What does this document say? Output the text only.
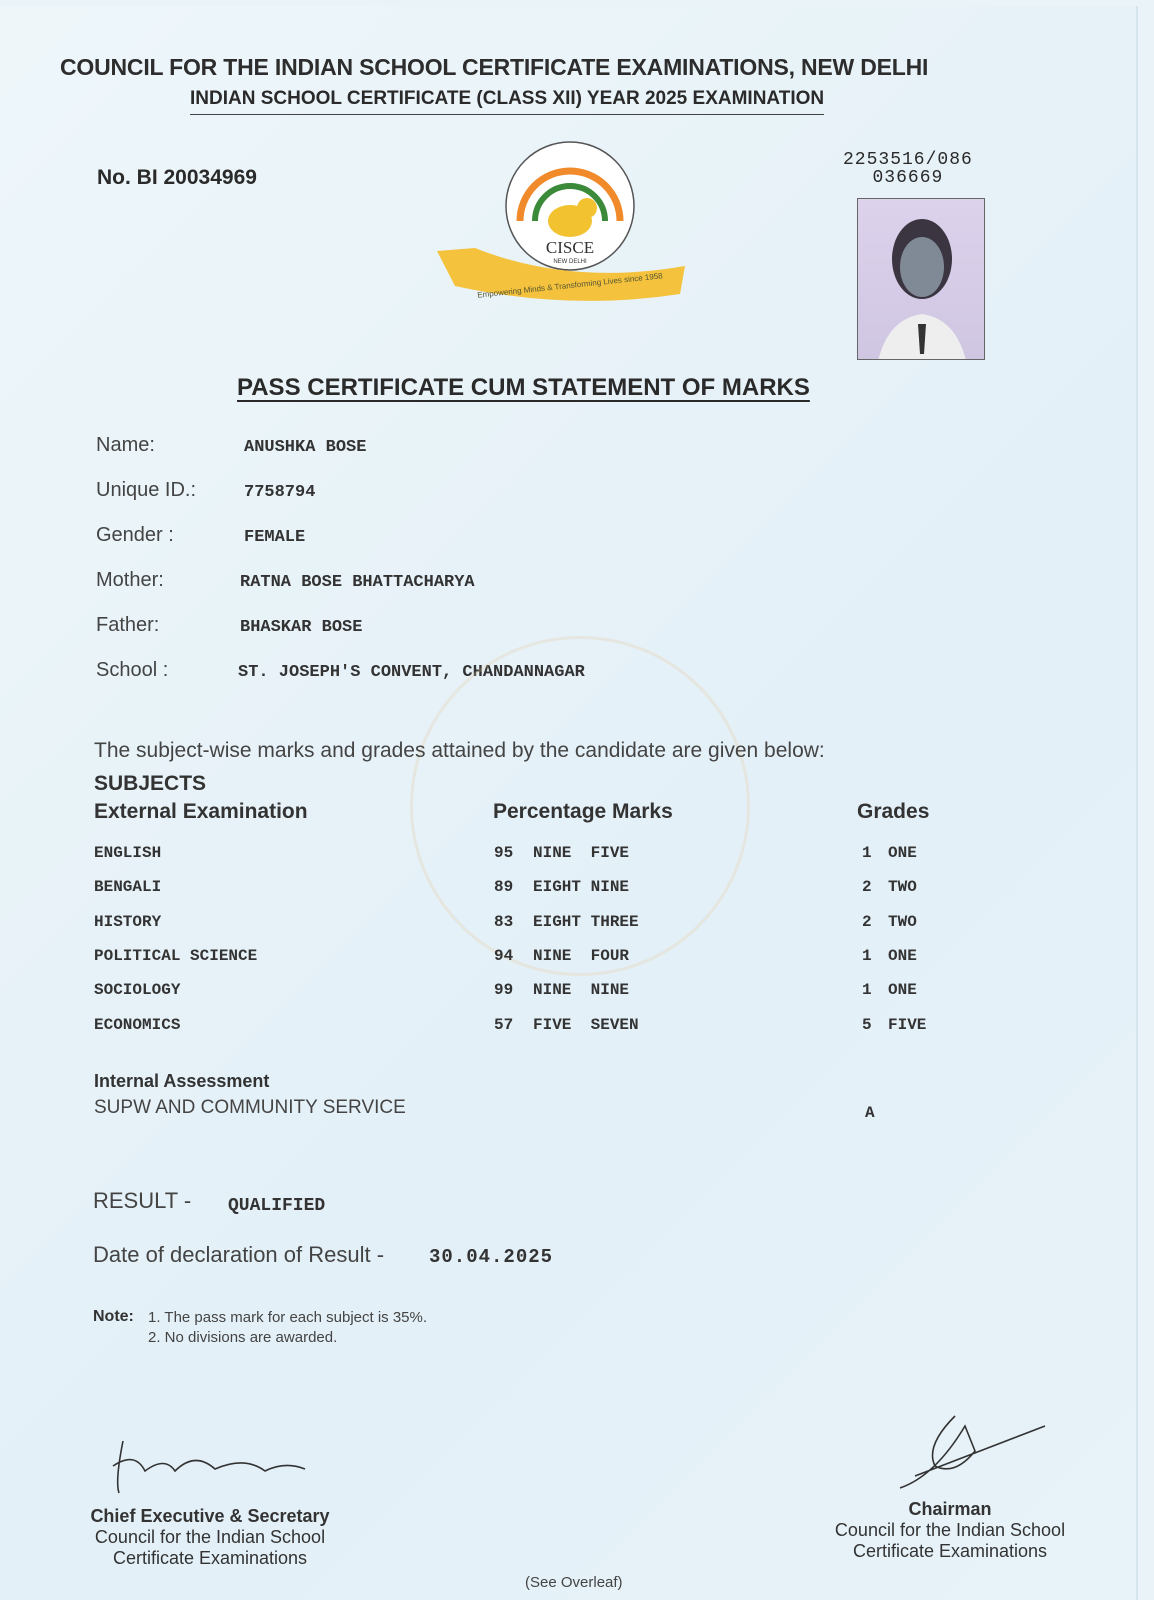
COUNCIL FOR THE INDIAN SCHOOL CERTIFICATE EXAMINATIONS, NEW DELHI
INDIAN SCHOOL CERTIFICATE (CLASS XII) YEAR 2025 EXAMINATION
No. BI 20034969
CISCE
NEW DELHI
Empowering Minds & Transforming Lives since 1958
2253516/086
036669
PASS CERTIFICATE CUM STATEMENT OF MARKS
Name:	ANUSHKA BOSE
Unique ID.:	7758794
Gender :	FEMALE
Mother:	RATNA BOSE BHATTACHARYA
Father:	BHASKAR BOSE
School :	ST. JOSEPH'S CONVENT, CHANDANNAGAR
The subject-wise marks and grades attained by the candidate are given below:
SUBJECTS
External Examination	Percentage Marks	Grades
ENGLISH	95 NINE  FIVE	1 ONE
BENGALI	89 EIGHT NINE	2 TWO
HISTORY	83 EIGHT THREE	2 TWO
POLITICAL SCIENCE	94 NINE  FOUR	1 ONE
SOCIOLOGY	99 NINE  NINE	1 ONE
ECONOMICS	57 FIVE  SEVEN	5 FIVE
Internal Assessment
SUPW AND COMMUNITY SERVICE	A
RESULT - QUALIFIED
Date of declaration of Result - 30.04.2025
Note: 1. The pass mark for each subject is 35%.
2. No divisions are awarded.
Chief Executive & Secretary
Council for the Indian School
Certificate Examinations
Chairman
Council for the Indian School
Certificate Examinations
(See Overleaf)
